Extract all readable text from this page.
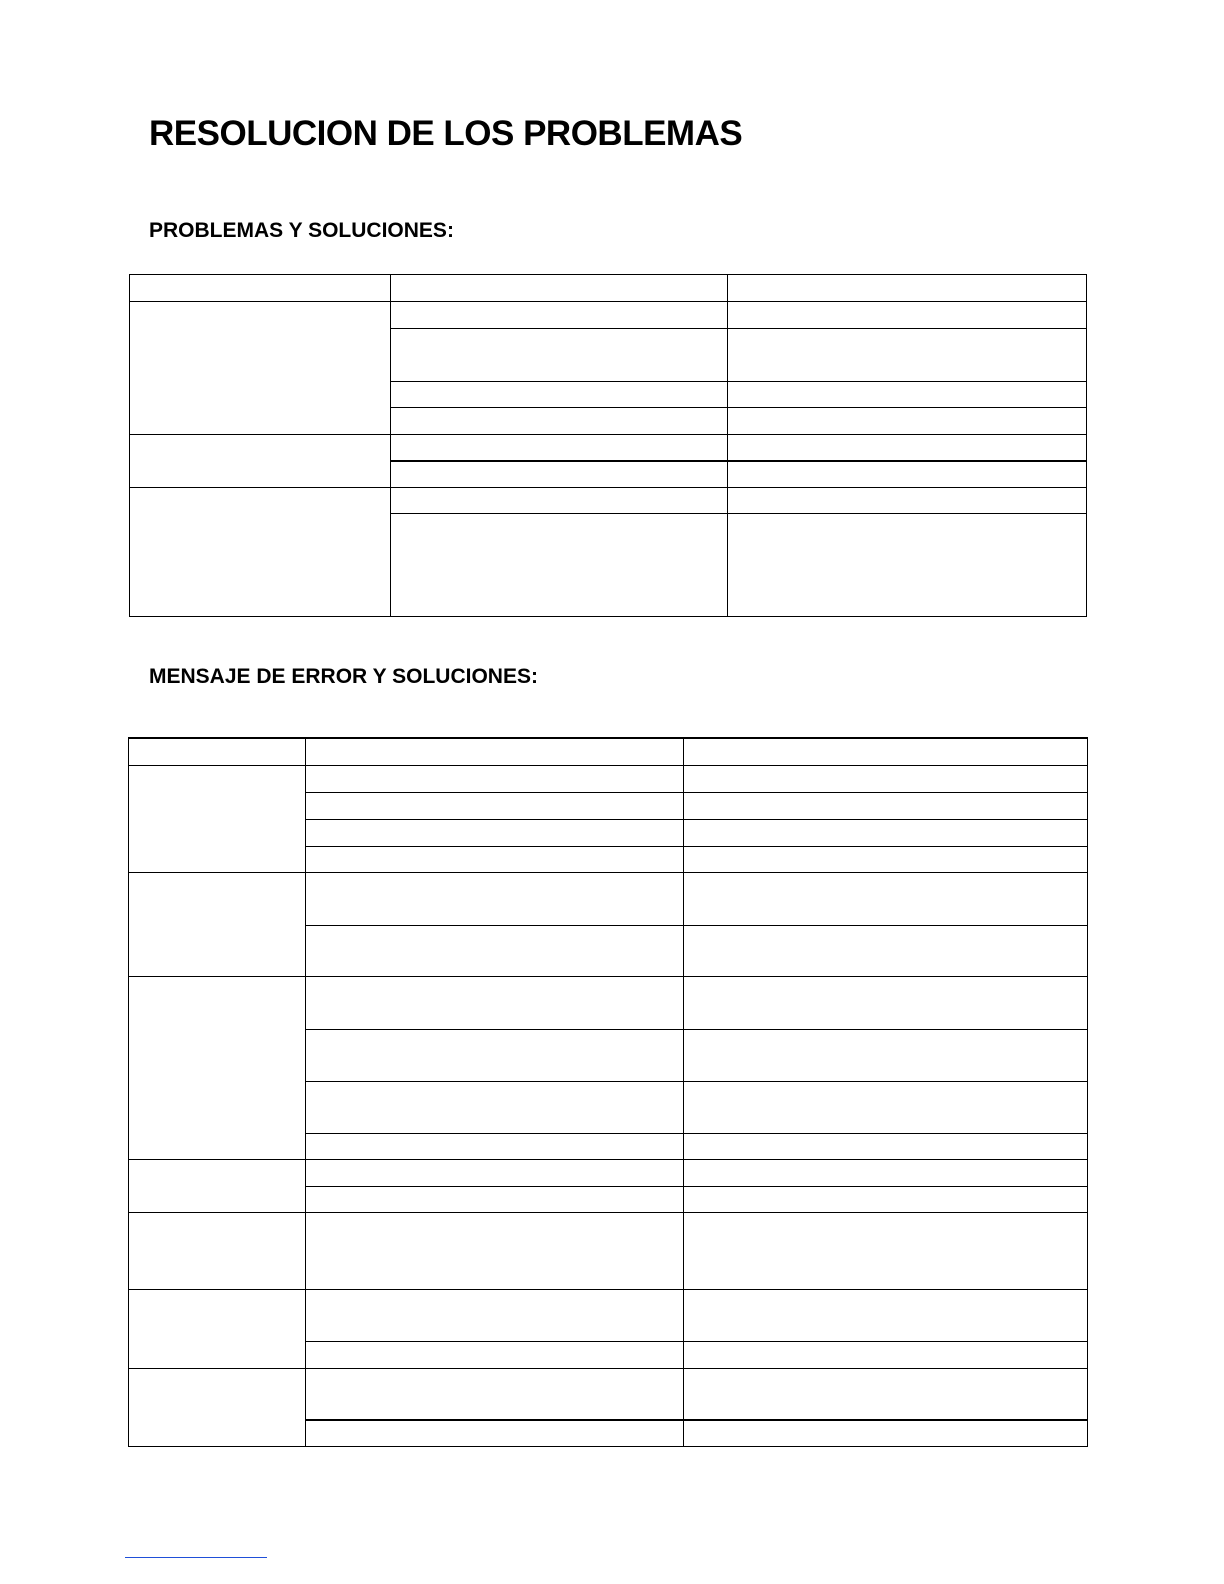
RESOLUCION DE LOS PROBLEMAS
PROBLEMAS Y SOLUCIONES:

MENSAJE DE ERROR Y SOLUCIONES:
